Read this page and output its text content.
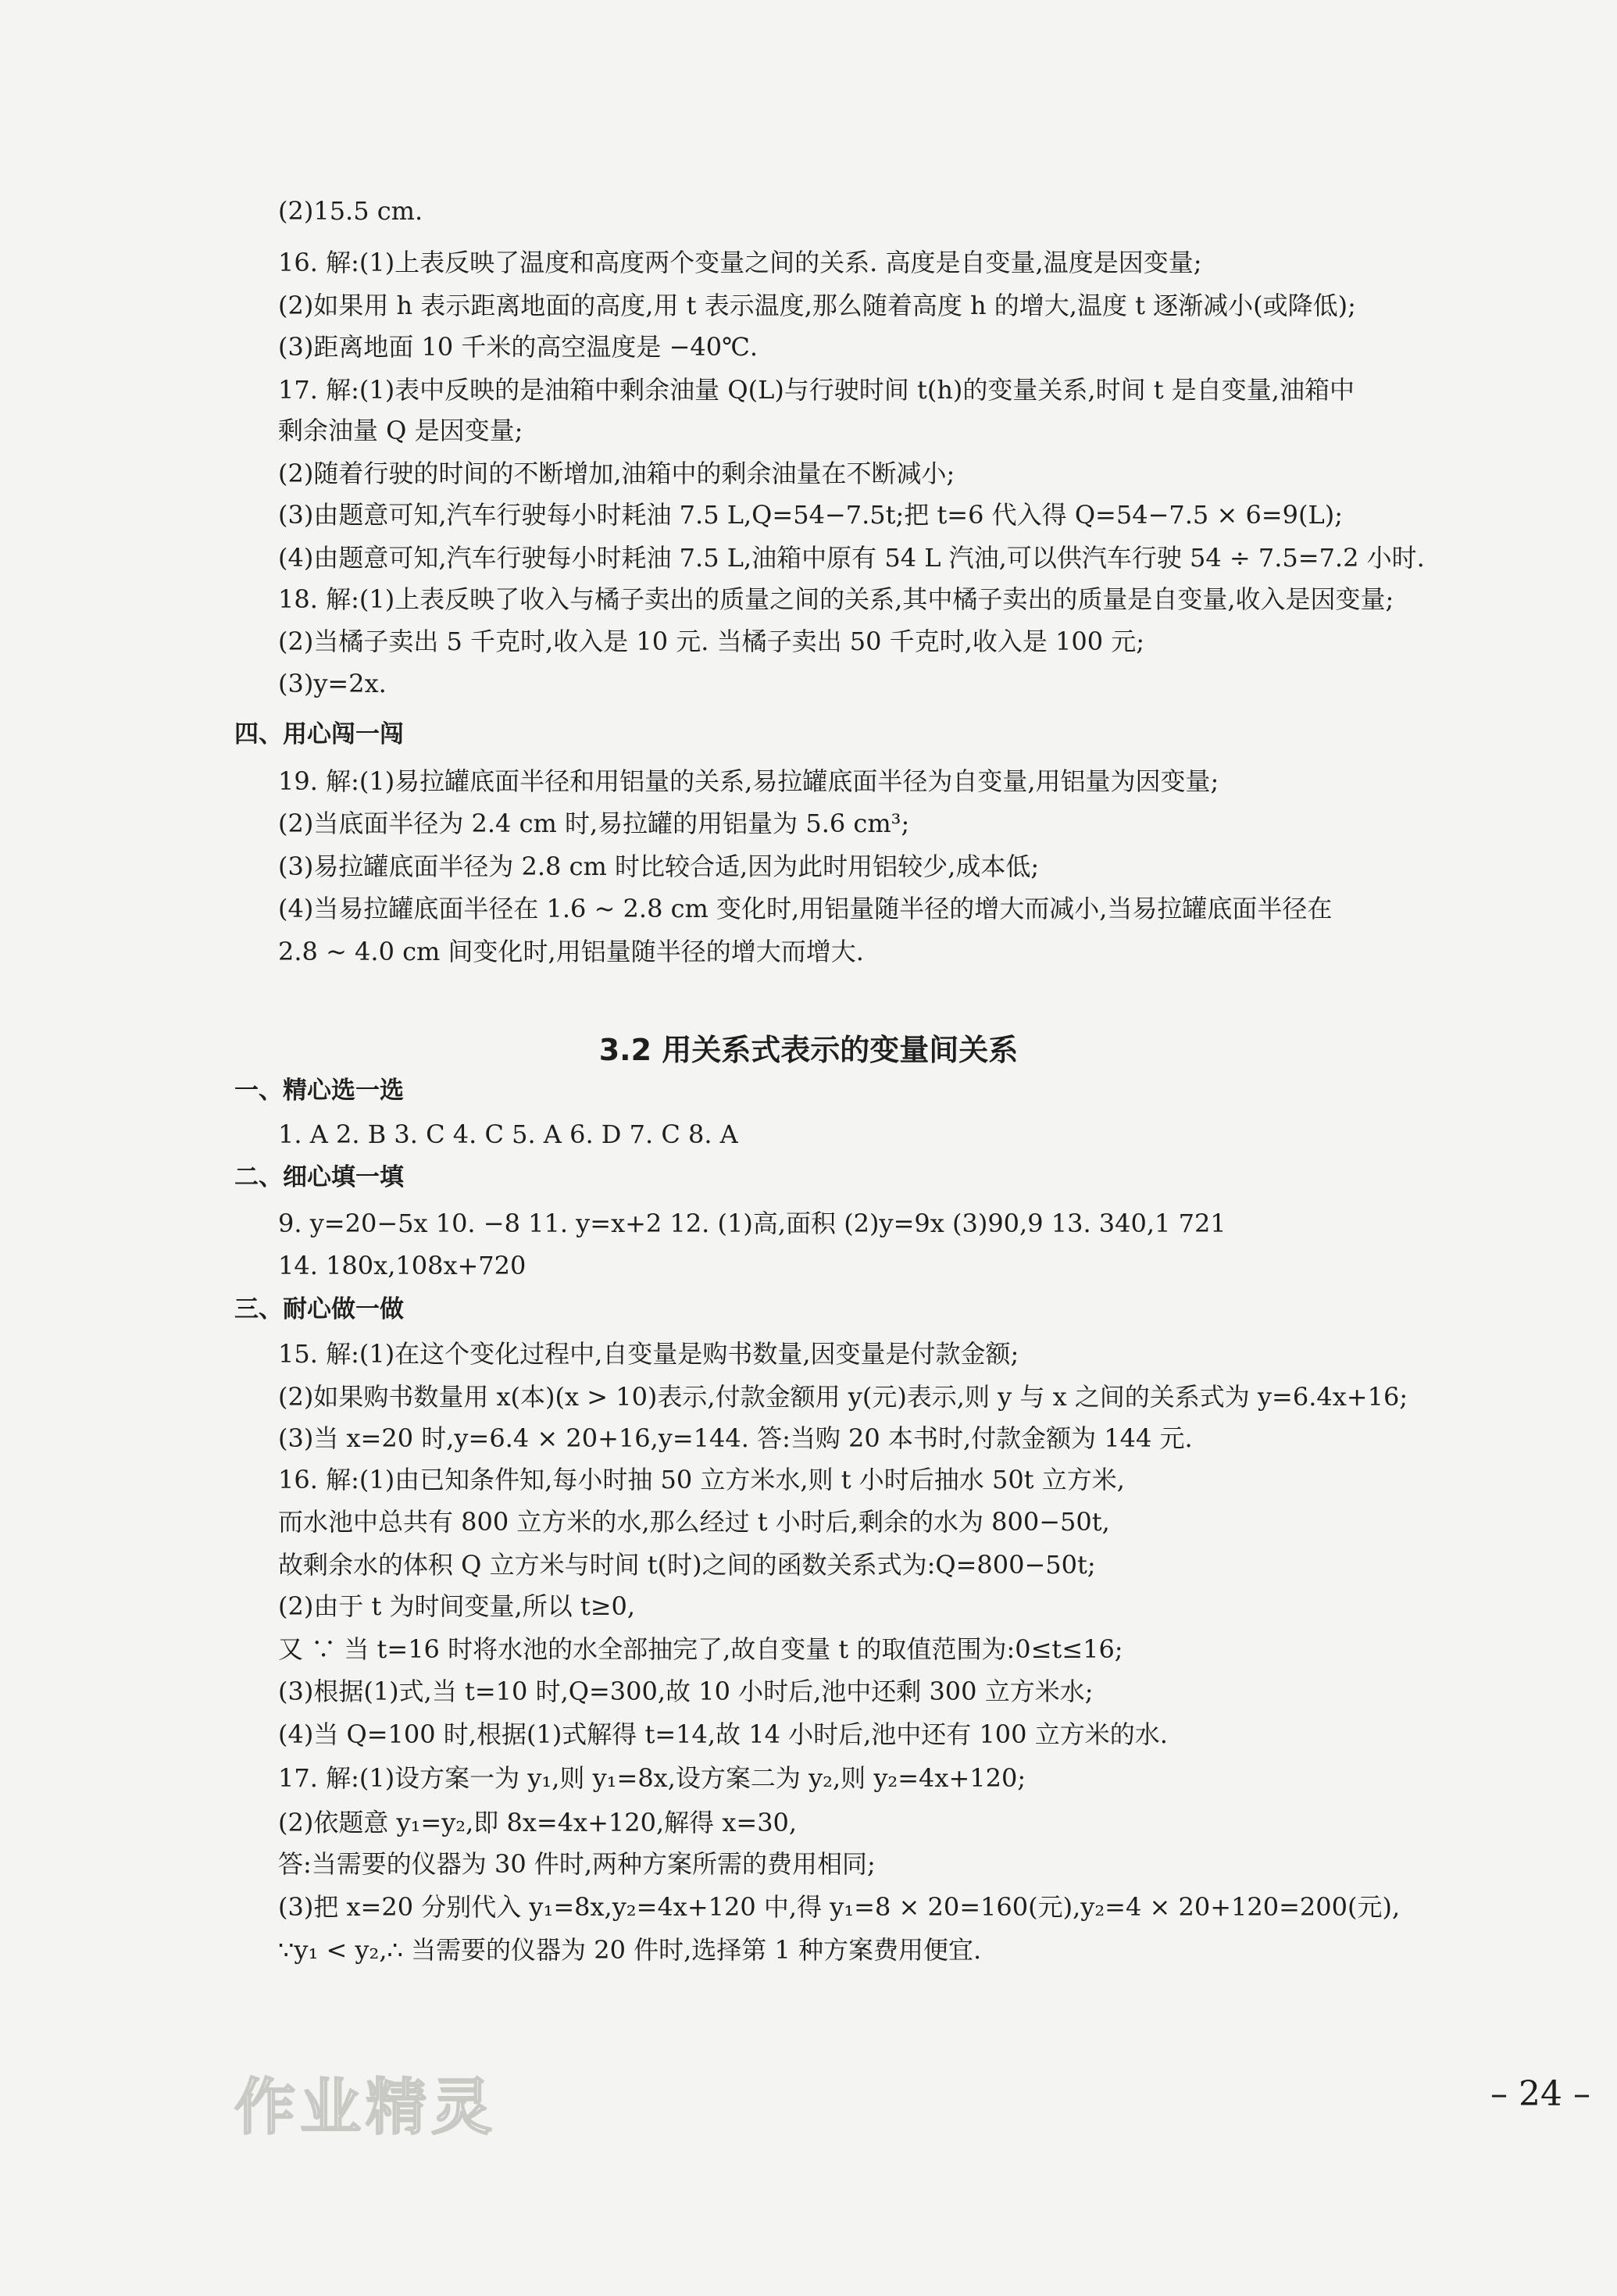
(2)15.5 cm.
16. 解:(1)上表反映了温度和高度两个变量之间的关系. 高度是自变量,温度是因变量;
(2)如果用 h 表示距离地面的高度,用 t 表示温度,那么随着高度 h 的增大,温度 t 逐渐减小(或降低);
(3)距离地面 10 千米的高空温度是 −40℃.
17. 解:(1)表中反映的是油箱中剩余油量 Q(L)与行驶时间 t(h)的变量关系,时间 t 是自变量,油箱中
剩余油量 Q 是因变量;
(2)随着行驶的时间的不断增加,油箱中的剩余油量在不断减小;
(3)由题意可知,汽车行驶每小时耗油 7.5 L,Q=54−7.5t;把 t=6 代入得 Q=54−7.5 × 6=9(L);
(4)由题意可知,汽车行驶每小时耗油 7.5 L,油箱中原有 54 L 汽油,可以供汽车行驶 54 ÷ 7.5=7.2 小时.
18. 解:(1)上表反映了收入与橘子卖出的质量之间的关系,其中橘子卖出的质量是自变量,收入是因变量;
(2)当橘子卖出 5 千克时,收入是 10 元. 当橘子卖出 50 千克时,收入是 100 元;
(3)y=2x.
四、用心闯一闯
19. 解:(1)易拉罐底面半径和用铝量的关系,易拉罐底面半径为自变量,用铝量为因变量;
(2)当底面半径为 2.4 cm 时,易拉罐的用铝量为 5.6 cm³;
(3)易拉罐底面半径为 2.8 cm 时比较合适,因为此时用铝较少,成本低;
(4)当易拉罐底面半径在 1.6 ~ 2.8 cm 变化时,用铝量随半径的增大而减小,当易拉罐底面半径在
2.8 ~ 4.0 cm 间变化时,用铝量随半径的增大而增大.
3.2 用关系式表示的变量间关系
一、精心选一选
1. A 2. B 3. C 4. C 5. A 6. D 7. C 8. A
二、细心填一填
9. y=20−5x 10. −8 11. y=x+2 12. (1)高,面积 (2)y=9x (3)90,9 13. 340,1 721
14. 180x,108x+720
三、耐心做一做
15. 解:(1)在这个变化过程中,自变量是购书数量,因变量是付款金额;
(2)如果购书数量用 x(本)(x > 10)表示,付款金额用 y(元)表示,则 y 与 x 之间的关系式为 y=6.4x+16;
(3)当 x=20 时,y=6.4 × 20+16,y=144. 答:当购 20 本书时,付款金额为 144 元.
16. 解:(1)由已知条件知,每小时抽 50 立方米水,则 t 小时后抽水 50t 立方米,
而水池中总共有 800 立方米的水,那么经过 t 小时后,剩余的水为 800−50t,
故剩余水的体积 Q 立方米与时间 t(时)之间的函数关系式为:Q=800−50t;
(2)由于 t 为时间变量,所以 t≥0,
又 ∵ 当 t=16 时将水池的水全部抽完了,故自变量 t 的取值范围为:0≤t≤16;
(3)根据(1)式,当 t=10 时,Q=300,故 10 小时后,池中还剩 300 立方米水;
(4)当 Q=100 时,根据(1)式解得 t=14,故 14 小时后,池中还有 100 立方米的水.
17. 解:(1)设方案一为 y₁,则 y₁=8x,设方案二为 y₂,则 y₂=4x+120;
(2)依题意 y₁=y₂,即 8x=4x+120,解得 x=30,
答:当需要的仪器为 30 件时,两种方案所需的费用相同;
(3)把 x=20 分别代入 y₁=8x,y₂=4x+120 中,得 y₁=8 × 20=160(元),y₂=4 × 20+120=200(元),
∵y₁ < y₂,∴ 当需要的仪器为 20 件时,选择第 1 种方案费用便宜.
作业精灵	– 24 –
